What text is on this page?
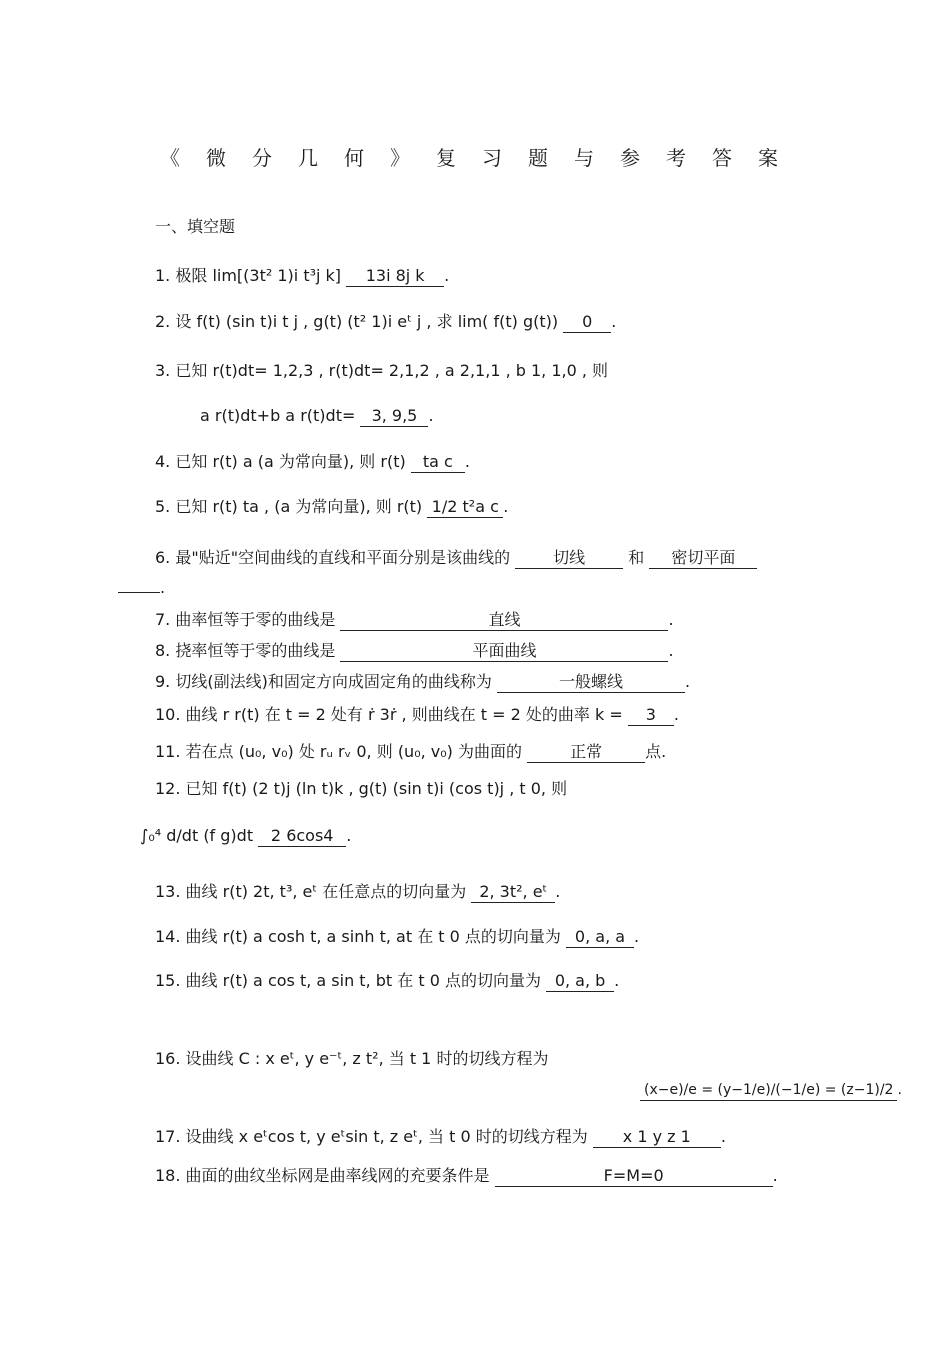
《微分几何》复习题与参考答案
一、填空题
1. 极限 lim[(3t² 1)i t³j k] 13i 8j k .
2. 设 f(t) (sin t)i t j , g(t) (t² 1)i eᵗ j , 求 lim( f(t) g(t)) 0 .
3. 已知 r(t)dt= 1,2,3 , r(t)dt= 2,1,2 , a 2,1,1 , b 1, 1,0 , 则
a r(t)dt+b a r(t)dt= 3, 9,5 .
4. 已知 r(t) a (a 为常向量), 则 r(t) ta c .
5. 已知 r(t) ta , (a 为常向量), 则 r(t) 1/2 t²a c .
6. 最"贴近"空间曲线的直线和平面分别是该曲线的	切线	和 密切平面
.
7. 曲率恒等于零的曲线是	直线	.
8. 挠率恒等于零的曲线是	平面曲线	.
9. 切线(副法线)和固定方向成固定角的曲线称为	一般螺线	.
10. 曲线 r r(t) 在 t = 2 处有 ṙ 3ṙ , 则曲线在 t = 2 处的曲率 k = 3 .
11. 若在点 (u₀, v₀) 处 rᵤ rᵥ 0, 则 (u₀, v₀) 为曲面的	正常	点.
12. 已知 f(t) (2 t)j (ln t)k , g(t) (sin t)i (cos t)j , t 0, 则
∫₀⁴ d/dt (f g)dt 2 6cos4 .
13. 曲线 r(t) 2t, t³, eᵗ 在任意点的切向量为 2, 3t², eᵗ .
14. 曲线 r(t) a cosh t, a sinh t, at 在 t 0 点的切向量为 0, a, a .
15. 曲线 r(t) a cos t, a sin t, bt 在 t 0 点的切向量为 0, a, b .
16. 设曲线 C : x eᵗ, y e⁻ᵗ, z t², 当 t 1 时的切线方程为
(x−e)/e = (y−1/e)/(−1/e) = (z−1)/2 .
17. 设曲线 x eᵗcos t, y eᵗsin t, z eᵗ, 当 t 0 时的切线方程为 x 1 y z 1 .
18. 曲面的曲纹坐标网是曲率线网的充要条件是	F=M=0	.
